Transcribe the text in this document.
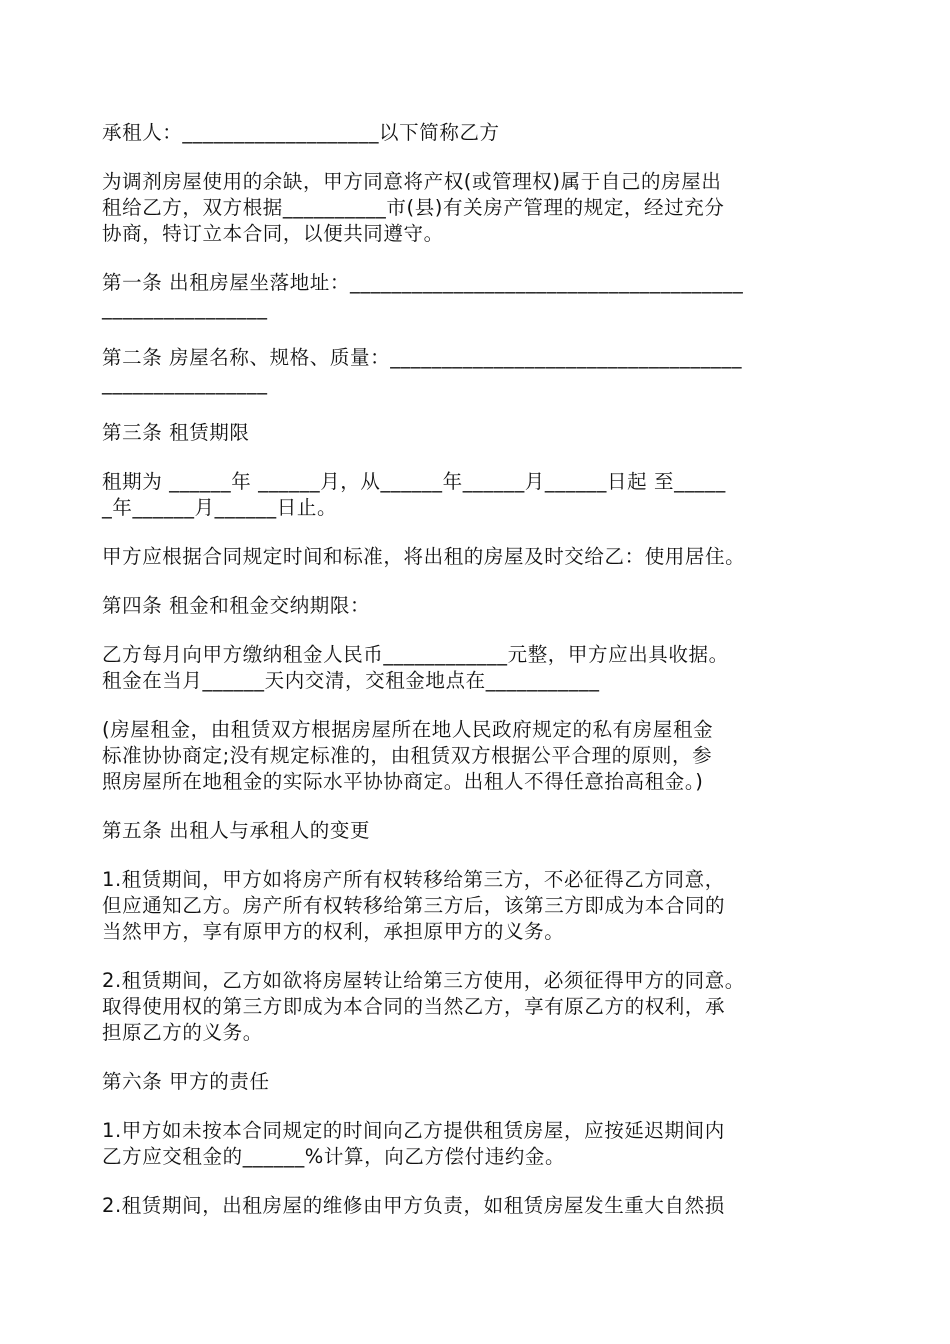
承租人：___________________以下简称乙方
为调剂房屋使用的余缺，甲方同意将产权(或管理权)属于自己的房屋出
租给乙方，双方根据__________市(县)有关房产管理的规定，经过充分
协商，特订立本合同，以便共同遵守。
第一条 出租房屋坐落地址：______________________________________
________________
第二条 房屋名称、规格、质量：__________________________________
________________
第三条 租赁期限
租期为 ______年 ______月，从______年______月______日起 至_____
_年______月______日止。
甲方应根据合同规定时间和标准，将出租的房屋及时交给乙：使用居住。
第四条 租金和租金交纳期限：
乙方每月向甲方缴纳租金人民币____________元整，甲方应出具收据。
租金在当月______天内交清，交租金地点在___________
(房屋租金，由租赁双方根据房屋所在地人民政府规定的私有房屋租金
标准协协商定;没有规定标准的，由租赁双方根据公平合理的原则，参
照房屋所在地租金的实际水平协协商定。出租人不得任意抬高租金。)
第五条 出租人与承租人的变更
1.租赁期间，甲方如将房产所有权转移给第三方，不必征得乙方同意，
但应通知乙方。房产所有权转移给第三方后，该第三方即成为本合同的
当然甲方，享有原甲方的权利，承担原甲方的义务。
2.租赁期间，乙方如欲将房屋转让给第三方使用，必须征得甲方的同意。
取得使用权的第三方即成为本合同的当然乙方，享有原乙方的权利，承
担原乙方的义务。
第六条 甲方的责任
1.甲方如未按本合同规定的时间向乙方提供租赁房屋，应按延迟期间内
乙方应交租金的______%计算，向乙方偿付违约金。
2.租赁期间，出租房屋的维修由甲方负责，如租赁房屋发生重大自然损
